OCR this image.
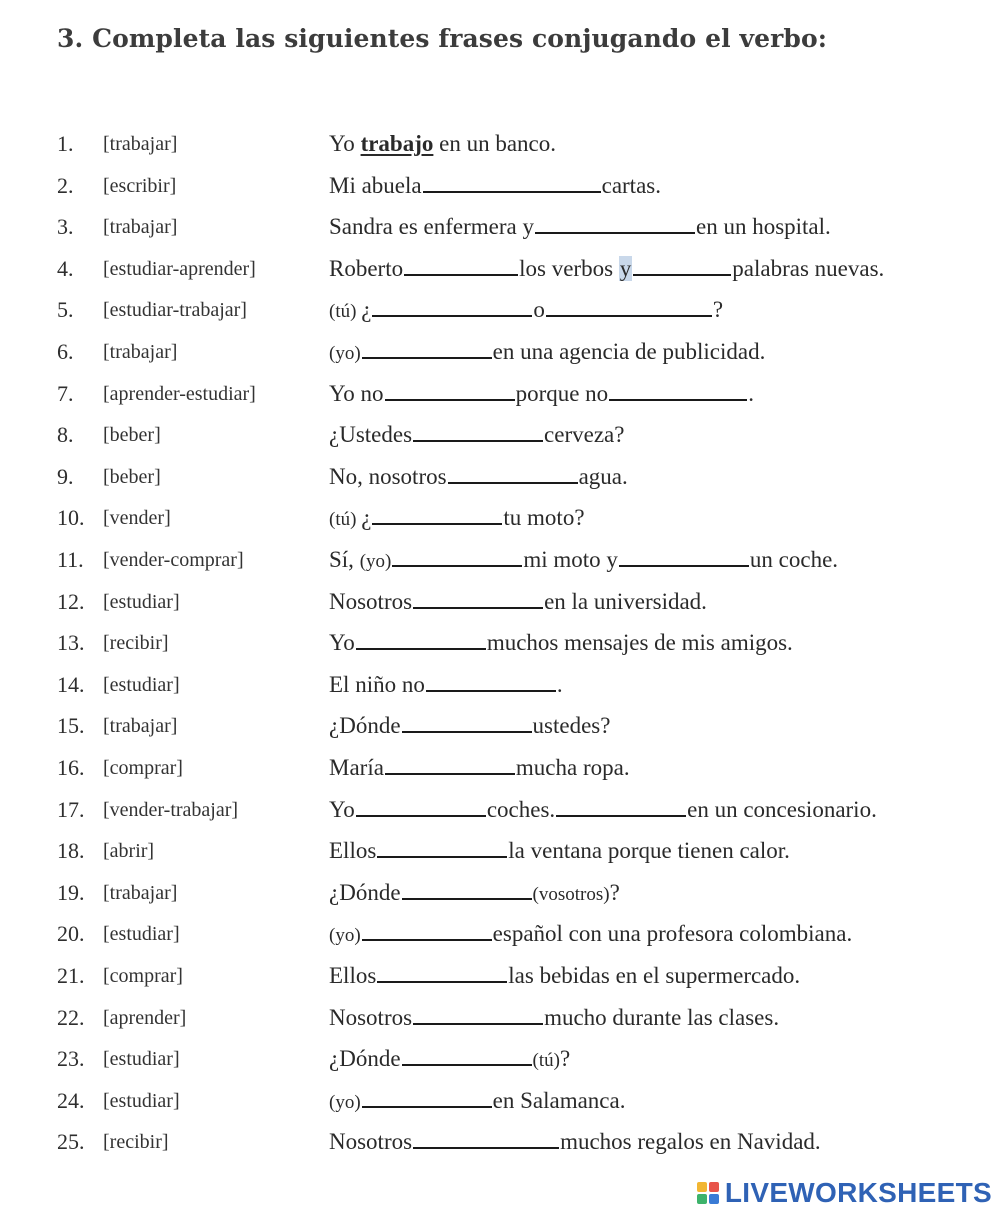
3. Completa las siguientes frases conjugando el verbo:
1. [trabajar]	Yo trabajo en un banco.
2. [escribir]	Mi abuela	cartas.
3. [trabajar]	Sandra es enfermera y	en un hospital.
4. [estudiar-aprender]	Roberto	los verbos y	palabras nuevas.
5. [estudiar-trabajar]	(tú) ¿	o	?
6. [trabajar]	(yo)	en una agencia de publicidad.
7. [aprender-estudiar]	Yo no	porque no	.
8. [beber]	¿Ustedes	cerveza?
9. [beber]	No, nosotros	agua.
10. [vender]	(tú) ¿	tu moto?
11. [vender-comprar]	Sí, (yo)	mi moto y	un coche.
12. [estudiar]	Nosotros	en la universidad.
13. [recibir]	Yo	muchos mensajes de mis amigos.
14. [estudiar]	El niño no	.
15. [trabajar]	¿Dónde	ustedes?
16. [comprar]	María	mucha ropa.
17. [vender-trabajar]	Yo	coches.	en un concesionario.
18. [abrir]	Ellos	la ventana porque tienen calor.
19. [trabajar]	¿Dónde	(vosotros)?
20. [estudiar]	(yo)	español con una profesora colombiana.
21. [comprar]	Ellos	las bebidas en el supermercado.
22. [aprender]	Nosotros	mucho durante las clases.
23. [estudiar]	¿Dónde	(tú)?
24. [estudiar]	(yo)	en Salamanca.
25. [recibir]	Nosotros	muchos regalos en Navidad.
LIVEWORKSHEETS
